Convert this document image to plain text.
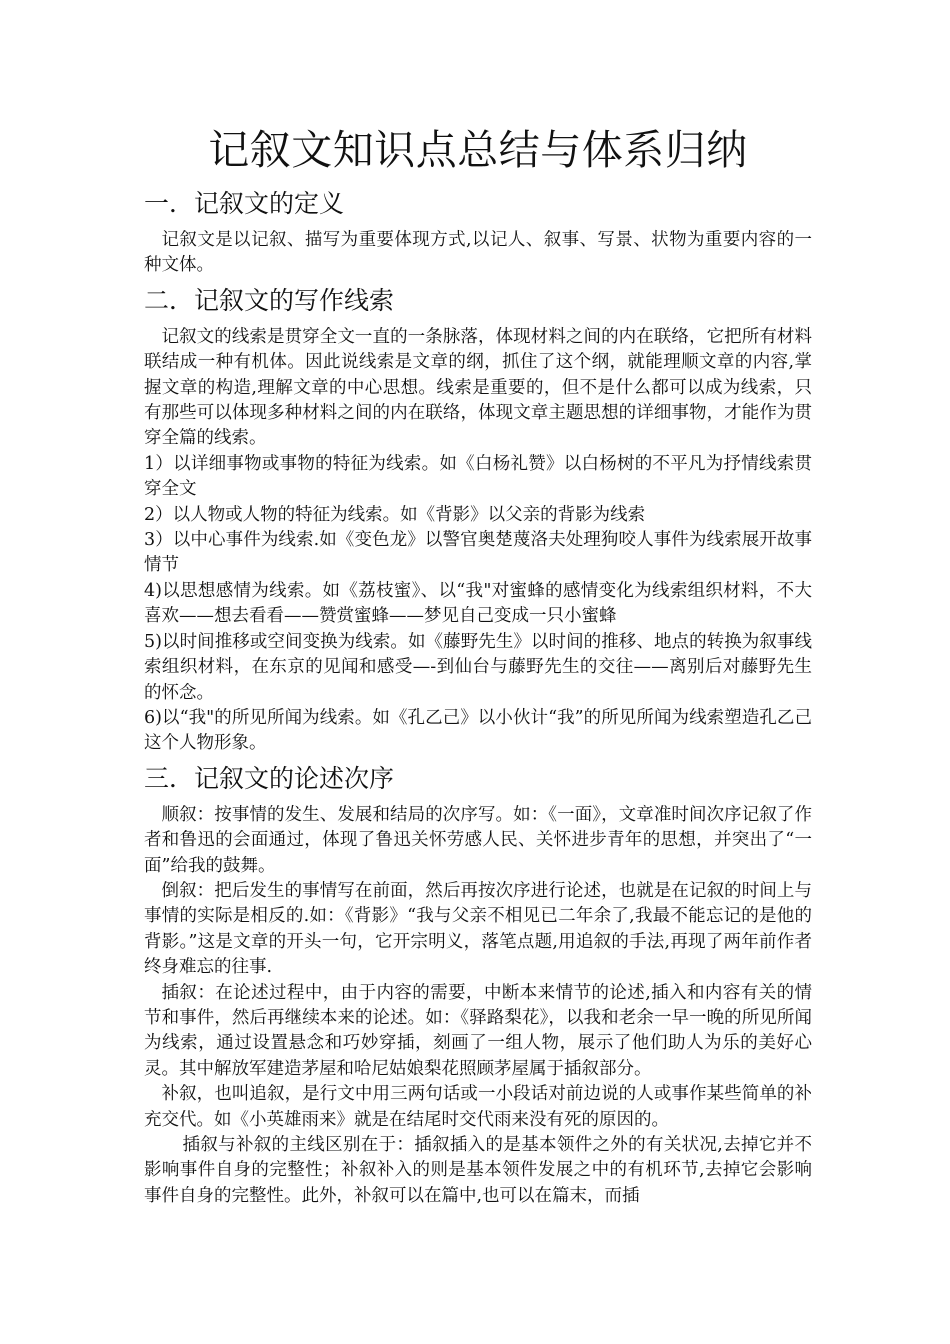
记叙文知识点总结与体系归纳
一．记叙文的定义

记叙文是以记叙、描写为重要体现方式,以记人、叙事、写景、状物为重要内容的一种文体。

二．记叙文的写作线索

记叙文的线索是贯穿全文一直的一条脉落，体现材料之间的内在联络，它把所有材料联结成一种有机体。因此说线索是文章的纲，抓住了这个纲，就能理顺文章的内容,掌握文章的构造,理解文章的中心思想。线索是重要的，但不是什么都可以成为线索，只有那些可以体现多种材料之间的内在联络，体现文章主题思想的详细事物，才能作为贯穿全篇的线索。

1）以详细事物或事物的特征为线索。如《白杨礼赞》以白杨树的不平凡为抒情线索贯穿全文

2）以人物或人物的特征为线索。如《背影》以父亲的背影为线索

3）以中心事件为线索.如《变色龙》以警官奥楚蔑洛夫处理狗咬人事件为线索展开故事情节

4)以思想感情为线索。如《荔枝蜜》、以“我"对蜜蜂的感情变化为线索组织材料，不大喜欢——想去看看——赞赏蜜蜂——梦见自己变成一只小蜜蜂

5)以时间推移或空间变换为线索。如《藤野先生》以时间的推移、地点的转换为叙事线索组织材料，在东京的见闻和感受—-到仙台与藤野先生的交往——离别后对藤野先生的怀念。

6)以“我"的所见所闻为线索。如《孔乙己》以小伙计“我”的所见所闻为线索塑造孔乙己这个人物形象。

三．记叙文的论述次序

顺叙：按事情的发生、发展和结局的次序写。如：《一面》，文章准时间次序记叙了作者和鲁迅的会面通过，体现了鲁迅关怀劳感人民、关怀进步青年的思想，并突出了“一面”给我的鼓舞。

倒叙：把后发生的事情写在前面，然后再按次序进行论述，也就是在记叙的时间上与事情的实际是相反的.如：《背影》“我与父亲不相见已二年余了,我最不能忘记的是他的背影。”这是文章的开头一句，它开宗明义，落笔点题,用追叙的手法,再现了两年前作者终身难忘的往事.

插叙：在论述过程中，由于内容的需要，中断本来情节的论述,插入和内容有关的情节和事件，然后再继续本来的论述。如：《驿路梨花》，以我和老余一早一晚的所见所闻为线索，通过设置悬念和巧妙穿插，刻画了一组人物，展示了他们助人为乐的美好心灵。其中解放军建造茅屋和哈尼姑娘梨花照顾茅屋属于插叙部分。

补叙，也叫追叙，是行文中用三两句话或一小段话对前边说的人或事作某些简单的补充交代。如《小英雄雨来》就是在结尾时交代雨来没有死的原因的。

插叙与补叙的主线区别在于：插叙插入的是基本领件之外的有关状况,去掉它并不影响事件自身的完整性；补叙补入的则是基本领件发展之中的有机环节,去掉它会影响事件自身的完整性。此外，补叙可以在篇中,也可以在篇末，而插
